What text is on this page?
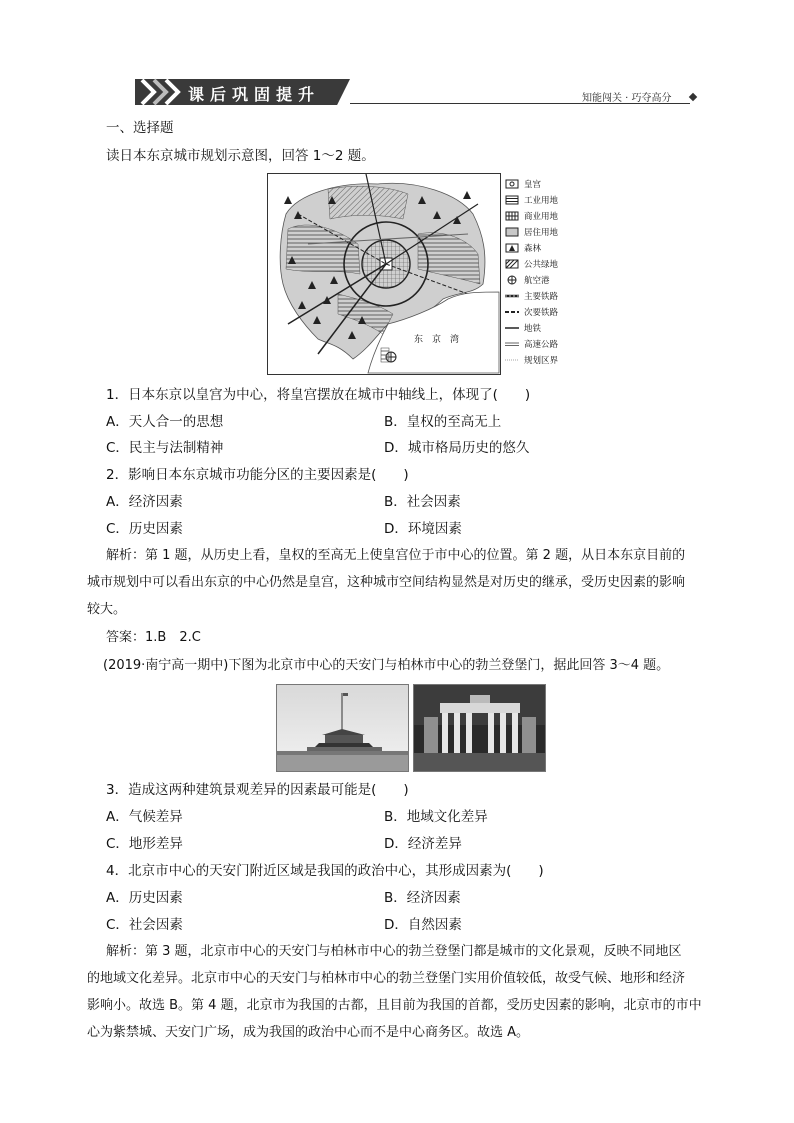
课后巩固提升	知能闯关 · 巧夺高分
一、选择题
读日本东京城市规划示意图，回答 1～2 题。
东　京　湾
皇宫
工业用地
商业用地
居住用地
森林
公共绿地
航空港
主要铁路
次要铁路
地铁
高速公路
规划区界
1．日本东京以皇宫为中心，将皇宫摆放在城市中轴线上，体现了(　　)
A．天人合一的思想	B．皇权的至高无上
C．民主与法制精神	D．城市格局历史的悠久
2．影响日本东京城市功能分区的主要因素是(　　)
A．经济因素	B．社会因素
C．历史因素	D．环境因素
解析：第 1 题，从历史上看，皇权的至高无上使皇宫位于市中心的位置。第 2 题，从日本东京目前的
城市规划中可以看出东京的中心仍然是皇宫，这种城市空间结构显然是对历史的继承，受历史因素的影响
较大。
答案：1.B　2.C
(2019·南宁高一期中)下图为北京市中心的天安门与柏林市中心的勃兰登堡门，据此回答 3～4 题。
3．造成这两种建筑景观差异的因素最可能是(　　)
A．气候差异	B．地域文化差异
C．地形差异	D．经济差异
4．北京市中心的天安门附近区域是我国的政治中心，其形成因素为(　　)
A．历史因素	B．经济因素
C．社会因素	D．自然因素
解析：第 3 题，北京市中心的天安门与柏林市中心的勃兰登堡门都是城市的文化景观，反映不同地区
的地域文化差异。北京市中心的天安门与柏林市中心的勃兰登堡门实用价值较低，故受气候、地形和经济
影响小。故选 B。第 4 题，北京市为我国的古都，且目前为我国的首都，受历史因素的影响，北京市的市中
心为紫禁城、天安门广场，成为我国的政治中心而不是中心商务区。故选 A。
